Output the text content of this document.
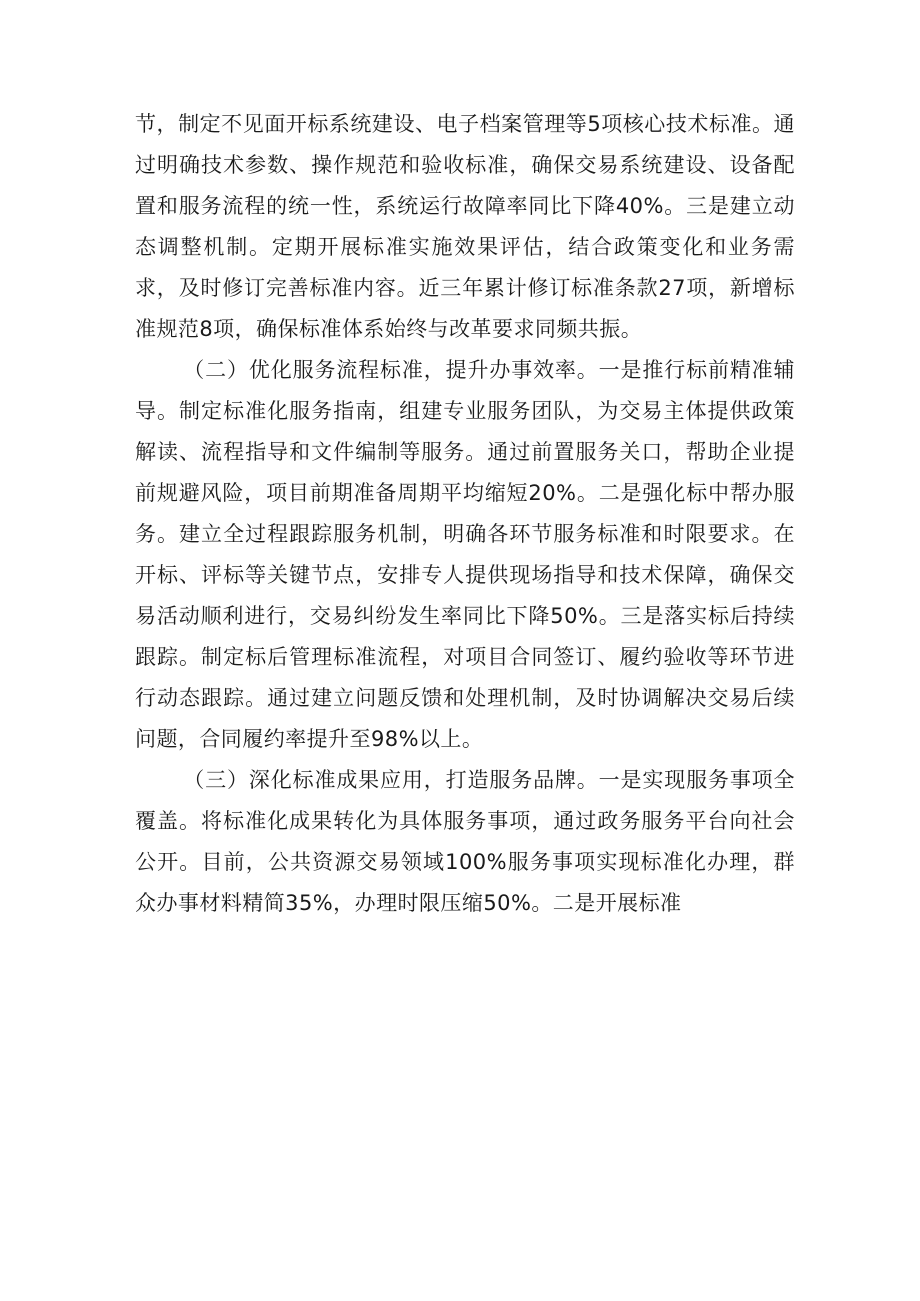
节，制定不见面开标系统建设、电子档案管理等5项核心技术标准。通过明确技术参数、操作规范和验收标准，确保交易系统建设、设备配置和服务流程的统一性，系统运行故障率同比下降40%。三是建立动态调整机制。定期开展标准实施效果评估，结合政策变化和业务需求，及时修订完善标准内容。近三年累计修订标准条款27项，新增标准规范8项，确保标准体系始终与改革要求同频共振。

（二）优化服务流程标准，提升办事效率。一是推行标前精准辅导。制定标准化服务指南，组建专业服务团队，为交易主体提供政策解读、流程指导和文件编制等服务。通过前置服务关口，帮助企业提前规避风险，项目前期准备周期平均缩短20%。二是强化标中帮办服务。建立全过程跟踪服务机制，明确各环节服务标准和时限要求。在开标、评标等关键节点，安排专人提供现场指导和技术保障，确保交易活动顺利进行，交易纠纷发生率同比下降50%。三是落实标后持续跟踪。制定标后管理标准流程，对项目合同签订、履约验收等环节进行动态跟踪。通过建立问题反馈和处理机制，及时协调解决交易后续问题，合同履约率提升至98%以上。

（三）深化标准成果应用，打造服务品牌。一是实现服务事项全覆盖。将标准化成果转化为具体服务事项，通过政务服务平台向社会公开。目前，公共资源交易领域100%服务事项实现标准化办理，群众办事材料精简35%，办理时限压缩50%。二是开展标准
